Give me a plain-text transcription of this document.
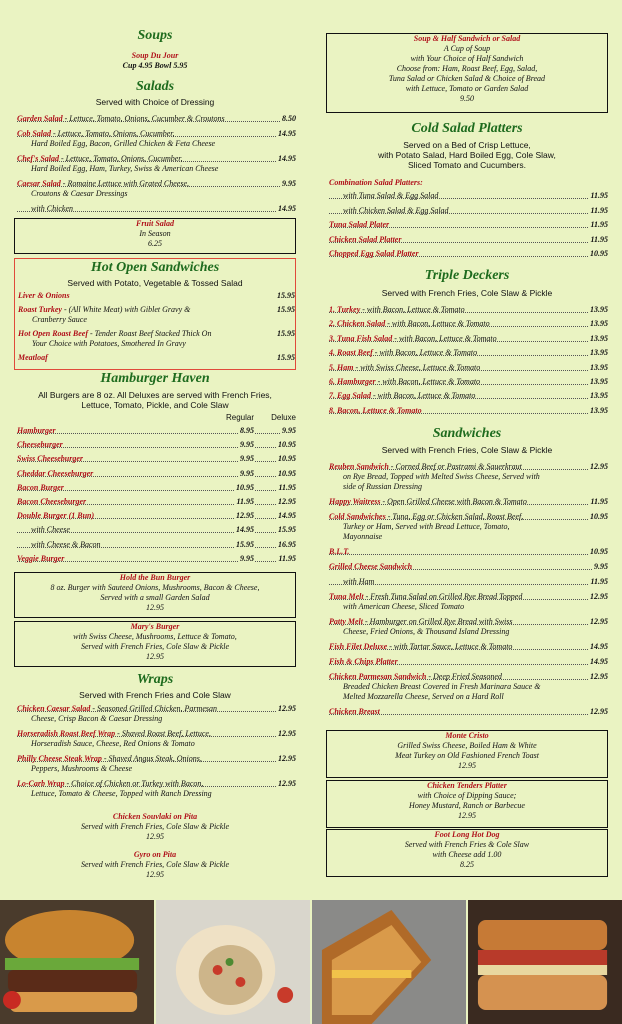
Soups
Soup Du Jour
Cup 4.95 Bowl 5.95
Salads
Served with Choice of Dressing
Garden Salad - Lettuce, Tomato, Onions, Cucumber & Croutons	8.50
Cob Salad - Lettuce, Tomato, Onions, Cucumber,	14.95
Hard Boiled Egg, Bacon, Grilled Chicken & Feta Cheese
Chef's Salad - Lettuce, Tomato, Onions, Cucumber,	14.95
Hard Boiled Egg, Ham, Turkey, Swiss & American Cheese
Caesar Salad - Romaine Lettuce with Grated Cheese,	9.95
Croutons & Caesar Dressings
with Chicken	14.95
Fruit Salad
In Season
6.25
Hot Open Sandwiches
Served with Potato, Vegetable & Tossed Salad
Liver & Onions	15.95
Roast Turkey - (All White Meat) with Giblet Gravy &	15.95
Cranberry Sauce
Hot Open Roast Beef - Tender Roast Beef Stacked Thick On	15.95
Your Choice with Potatoes, Smothered In Gravy
Meatloaf	15.95
Hamburger Haven
All Burgers are 8 oz. All Deluxes are served with French Fries, Lettuce, Tomato, Pickle, and Cole Slaw
Regular Deluxe
Hamburger	8.95	9.95
Cheeseburger	9.95	10.95
Swiss Cheeseburger	9.95	10.95
Cheddar Cheeseburger	9.95	10.95
Bacon Burger	10.95	11.95
Bacon Cheeseburger	11.95	12.95
Double Burger (1 Bun)	12.95	14.95
with Cheese	14.95	15.95
with Cheese & Bacon	15.95	16.95
Veggie Burger	9.95	11.95
Hold the Bun Burger
8 oz. Burger with Sauteed Onions, Mushrooms, Bacon & Cheese,
Served with a small Garden Salad
12.95
Mary's Burger
with Swiss Cheese, Mushrooms, Lettuce & Tomato,
Served with French Fries, Cole Slaw & Pickle
12.95
Wraps
Served with French Fries and Cole Slaw
Chicken Caesar Salad - Seasoned Grilled Chicken, Parmesan	12.95
Cheese, Crisp Bacon & Caesar Dressing
Horseradish Roast Beef Wrap - Shaved Roast Beef, Lettuce,	12.95
Horseradish Sauce, Cheese, Red Onions & Tomato
Philly Cheese Steak Wrap - Shaved Angus Steak, Onions,	12.95
Peppers, Mushrooms & Cheese
Lo-Carb Wrap - Choice of Chicken or Turkey with Bacon,	12.95
Lettuce, Tomato & Cheese, Topped with Ranch Dressing
Chicken Souvlaki on Pita
Served with French Fries, Cole Slaw & Pickle
12.95
Gyro on Pita
Served with French Fries, Cole Slaw & Pickle
12.95
Soup & Half Sandwich or Salad
A Cup of Soup
with Your Choice of Half Sandwich
Choose from: Ham, Roast Beef, Egg, Salad,
Tuna Salad or Chicken Salad & Choice of Bread
with Lettuce, Tomato or Garden Salad
9.50
Cold Salad Platters
Served on a Bed of Crisp Lettuce,
with Potato Salad, Hard Boiled Egg, Cole Slaw,
Sliced Tomato and Cucumbers.
Combination Salad Platters:
with Tuna Salad & Egg Salad	11.95
with Chicken Salad & Egg Salad	11.95
Tuna Salad Plater	11.95
Chicken Salad Platter	11.95
Chopped Egg Salad Platter	10.95
Triple Deckers
Served with French Fries, Cole Slaw & Pickle
1. Turkey - with Bacon, Lettuce & Tomato	13.95
2. Chicken Salad - with Bacon, Lettuce & Tomato	13.95
3. Tuna Fish Salad - with Bacon, Lettuce & Tomato	13.95
4. Roast Beef - with Bacon, Lettuce & Tomato	13.95
5. Ham - with Swiss Cheese, Lettuce & Tomato	13.95
6. Hamburger - with Bacon, Lettuce & Tomato	13.95
7. Egg Salad - with Bacon, Lettuce & Tomato	13.95
8. Bacon, Lettuce & Tomato	13.95
Sandwiches
Served with French Fries, Cole Slaw & Pickle
Reuben Sandwich - Corned Beef or Pastrami & Sauerkraut	12.95
on Rye Bread, Topped with Melted Swiss Cheese, Served with
side of Russian Dressing
Happy Waitress - Open Grilled Cheese with Bacon & Tomato	11.95
Cold Sandwiches - Tuna, Egg or Chicken Salad, Roast Beef,	10.95
Turkey or Ham, Served with Bread Lettuce, Tomato,
Mayonnaise
B.L.T.	10.95
Grilled Cheese Sandwich	9.95
with Ham	11.95
Tuna Melt - Fresh Tuna Salad on Grilled Rye Bread Topped	12.95
with American Cheese, Sliced Tomato
Patty Melt - Hamburger on Grilled Rye Bread with Swiss	12.95
Cheese, Fried Onions, & Thousand Island Dressing
Fish Filet Deluxe - with Tartar Sauce, Lettuce & Tomato	14.95
Fish & Chips Platter	14.95
Chicken Parmesan Sandwich - Deep Fried Seasoned	12.95
Breaded Chicken Breast Covered in Fresh Marinara Sauce &
Melted Mozzarella Cheese, Served on a Hard Roll
Chicken Breast	12.95
Monte Cristo
Grilled Swiss Cheese, Boiled Ham & White
Meat Turkey on Old Fashioned French Toast
12.95
Chicken Tenders Platter
with Choice of Dipping Sauce;
Honey Mustard, Ranch or Barbecue
12.95
Foot Long Hot Dog
Served with French Fries & Cole Slaw
with Cheese add 1.00
8.25
